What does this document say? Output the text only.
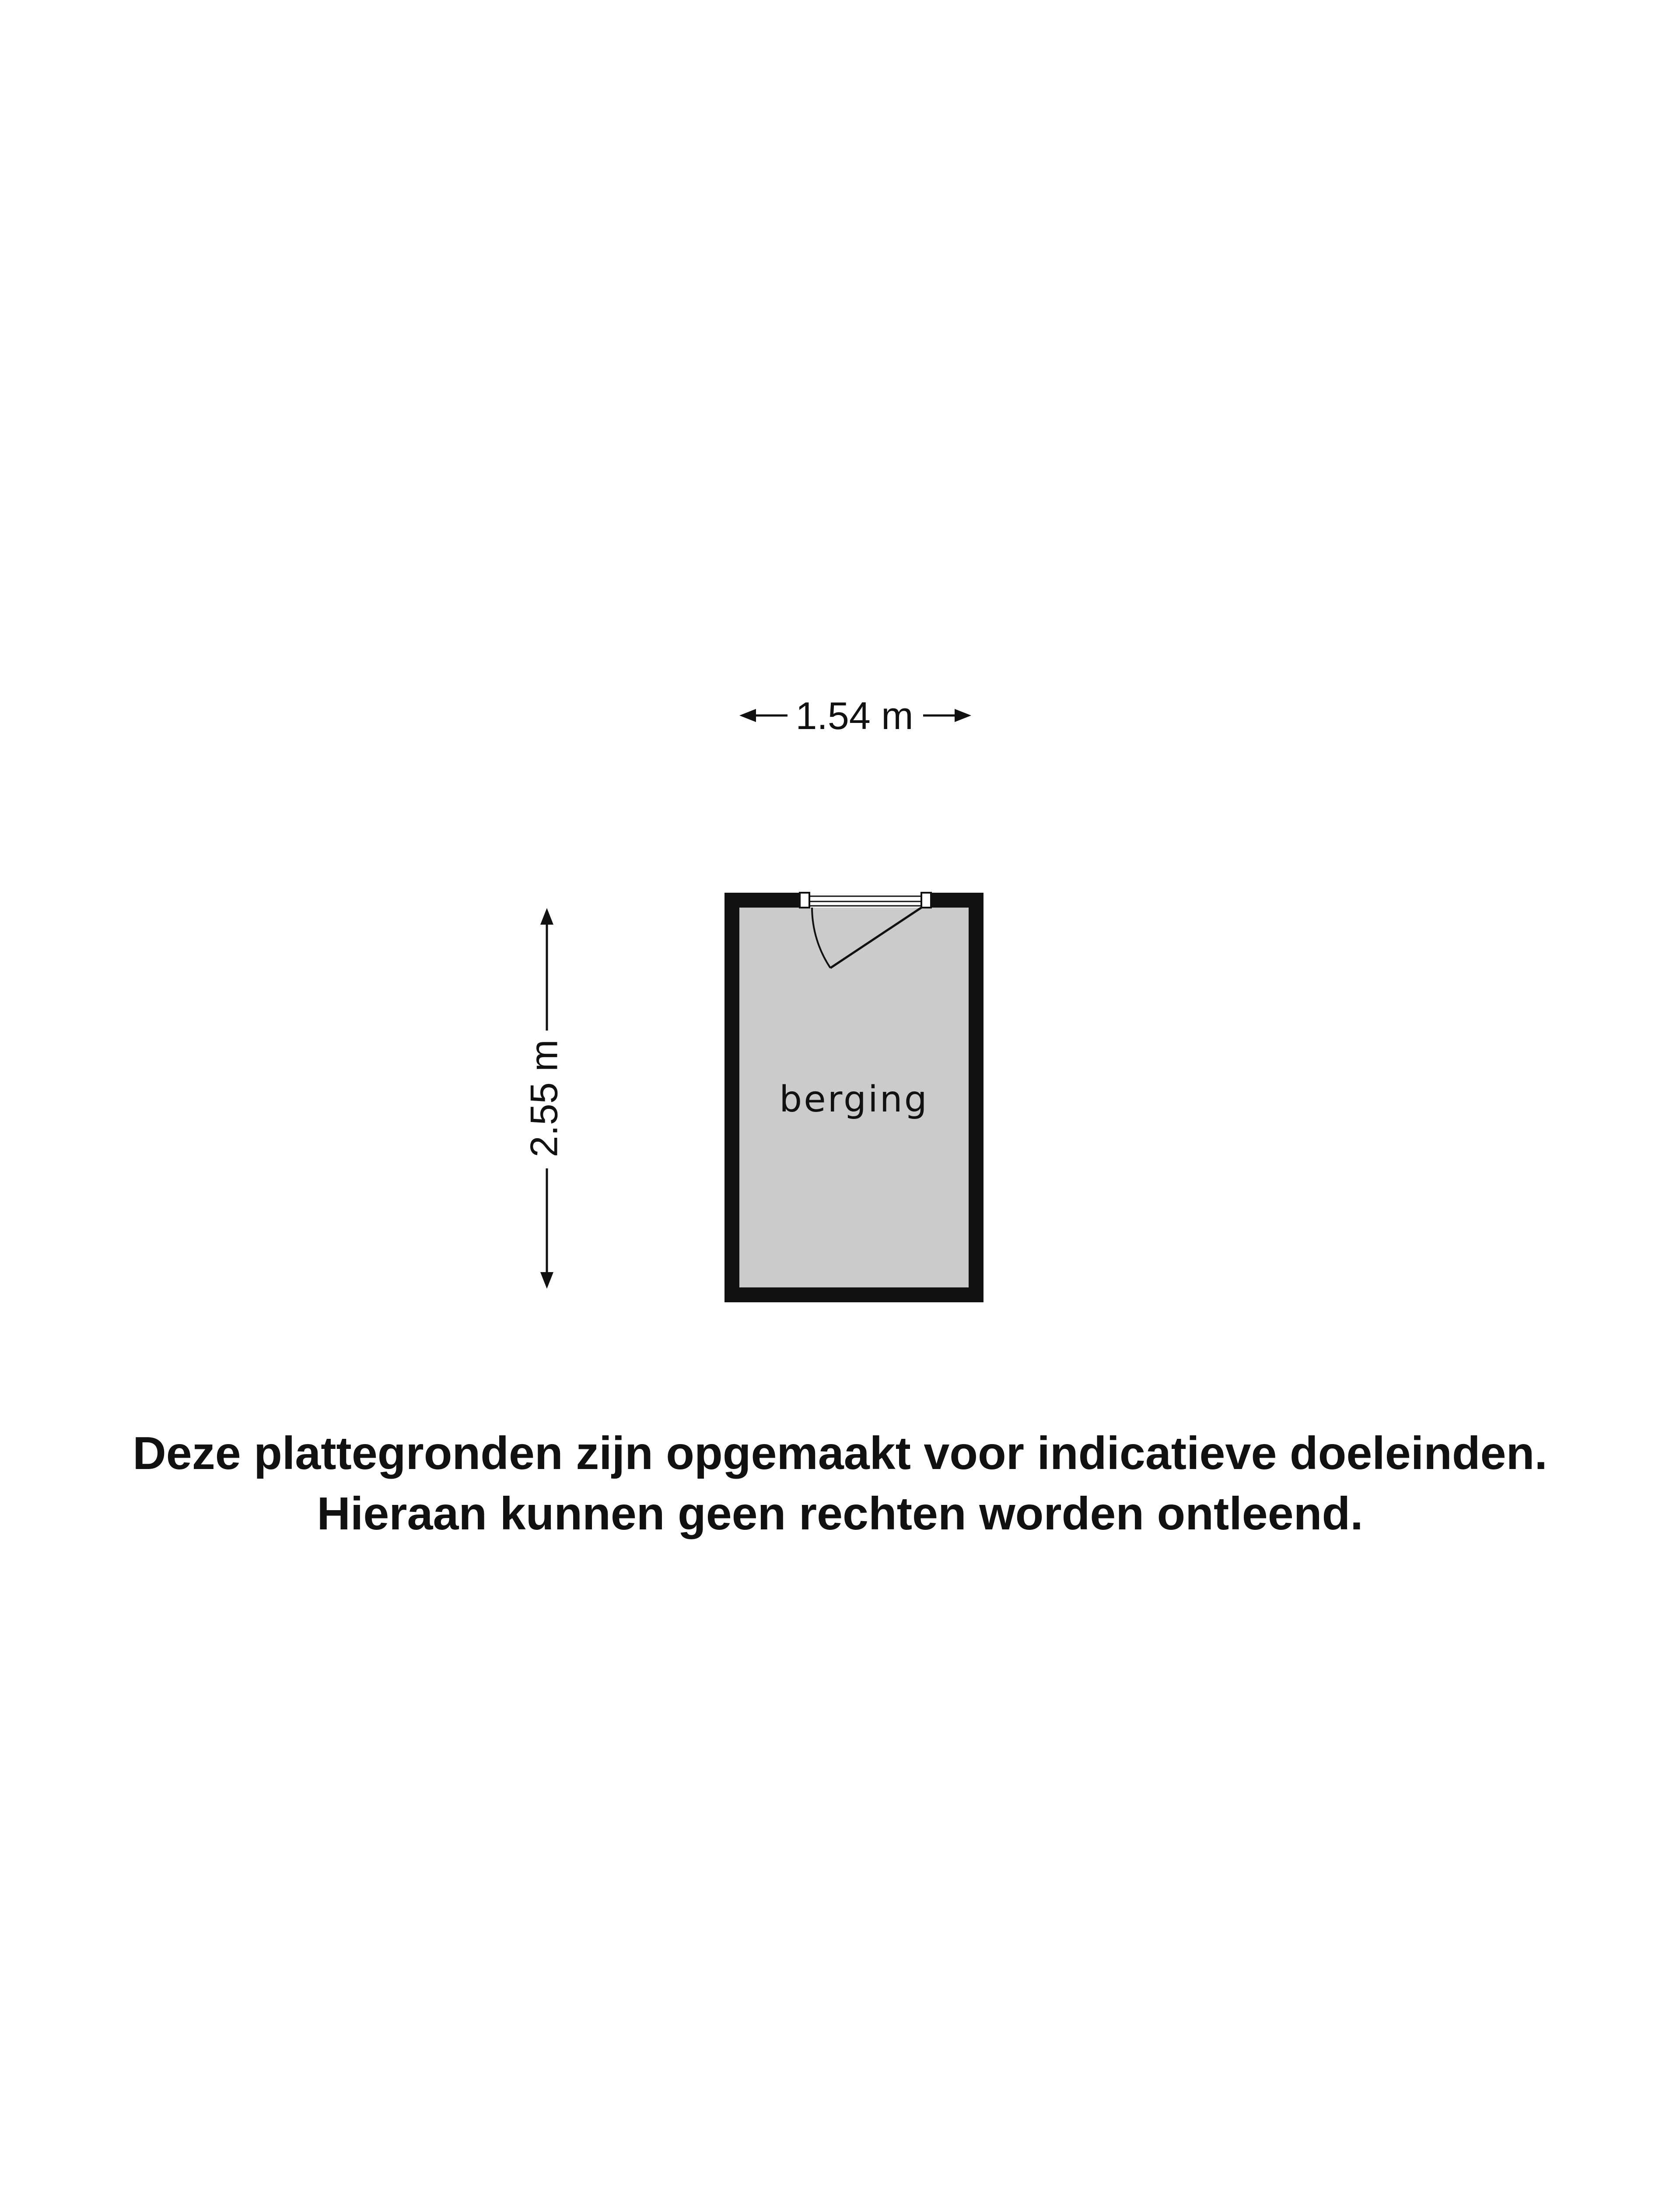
1.54 m
2.55 m	berging
Deze plattegronden zijn opgemaakt voor indicatieve doeleinden.
Hieraan kunnen geen rechten worden ontleend.
